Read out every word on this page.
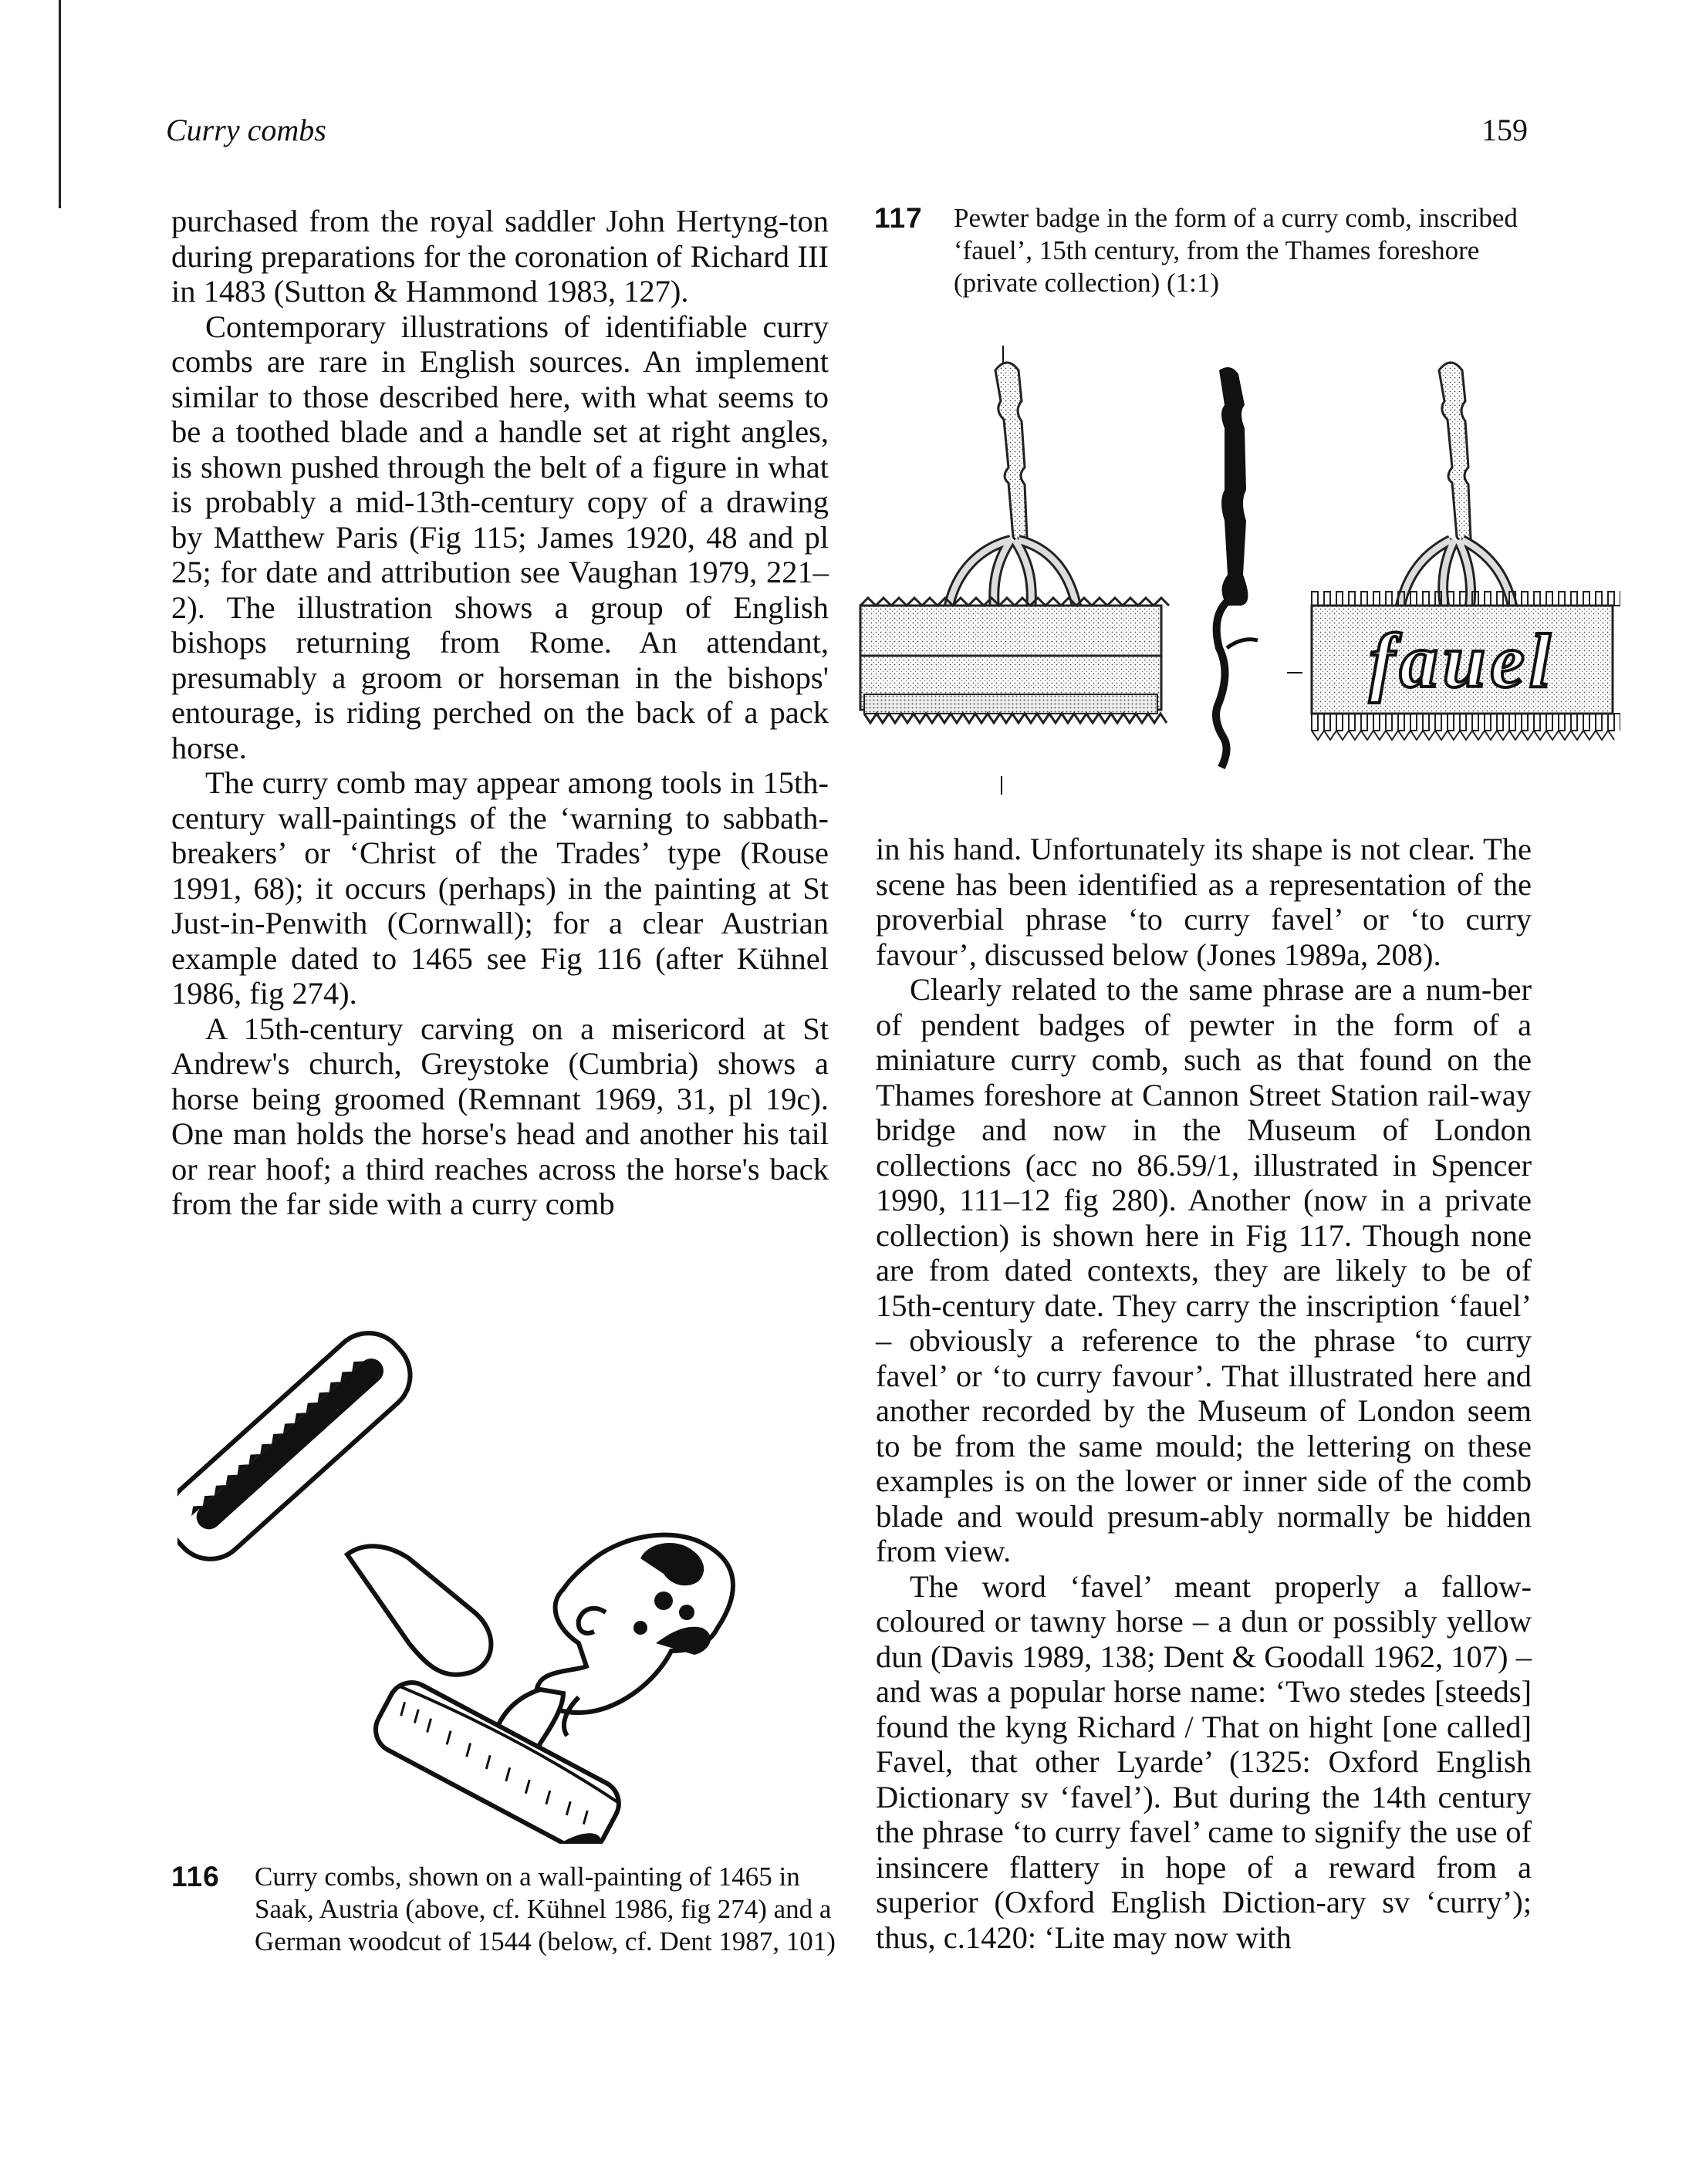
Curry combs	159

purchased from the royal saddler John Hertyng-ton during preparations for the coronation of Richard III in 1483 (Sutton & Hammond 1983, 127).

Contemporary illustrations of identifiable curry combs are rare in English sources. An implement similar to those described here, with what seems to be a toothed blade and a handle set at right angles, is shown pushed through the belt of a figure in what is probably a mid-13th-century copy of a drawing by Matthew Paris (Fig 115; James 1920, 48 and pl 25; for date and attribution see Vaughan 1979, 221–2). The illustration shows a group of English bishops returning from Rome. An attendant, presumably a groom or horseman in the bishops' entourage, is riding perched on the back of a pack horse.

The curry comb may appear among tools in 15th-century wall-paintings of the ‘warning to sabbath-breakers’ or ‘Christ of the Trades’ type (Rouse 1991, 68); it occurs (perhaps) in the painting at St Just-in-Penwith (Cornwall); for a clear Austrian example dated to 1465 see Fig 116 (after Kühnel 1986, fig 274).

A 15th-century carving on a misericord at St Andrew's church, Greystoke (Cumbria) shows a horse being groomed (Remnant 1969, 31, pl 19c). One man holds the horse's head and another his tail or rear hoof; a third reaches across the horse's back from the far side with a curry comb

117 Pewter badge in the form of a curry comb, inscribed ‘fauel’, 15th century, from the Thames foreshore (private collection) (1:1)
fauel

in his hand. Unfortunately its shape is not clear. The scene has been identified as a representation of the proverbial phrase ‘to curry favel’ or ‘to curry favour’, discussed below (Jones 1989a, 208).

Clearly related to the same phrase are a num-ber of pendent badges of pewter in the form of a miniature curry comb, such as that found on the Thames foreshore at Cannon Street Station rail-way bridge and now in the Museum of London collections (acc no 86.59/1, illustrated in Spencer 1990, 111–12 fig 280). Another (now in a private collection) is shown here in Fig 117. Though none are from dated contexts, they are likely to be of 15th-century date. They carry the inscription ‘fauel’ – obviously a reference to the phrase ‘to curry favel’ or ‘to curry favour’. That illustrated here and another recorded by the Museum of London seem to be from the same mould; the lettering on these examples is on the lower or inner side of the comb blade and would presum-ably normally be hidden from view.

The word ‘favel’ meant properly a fallow-coloured or tawny horse – a dun or possibly yellow dun (Davis 1989, 138; Dent & Goodall 1962, 107) – and was a popular horse name: ‘Two stedes [steeds] found the kyng Richard / That on hight [one called] Favel, that other Lyarde’ (1325: Oxford English Dictionary sv ‘favel’). But during the 14th century the phrase ‘to curry favel’ came to signify the use of insincere flattery in hope of a reward from a superior (Oxford English Diction-ary sv ‘curry’); thus, c.1420: ‘Lite may now with

116 Curry combs, shown on a wall-painting of 1465 in Saak, Austria (above, cf. Kühnel 1986, fig 274) and a German woodcut of 1544 (below, cf. Dent 1987, 101)
